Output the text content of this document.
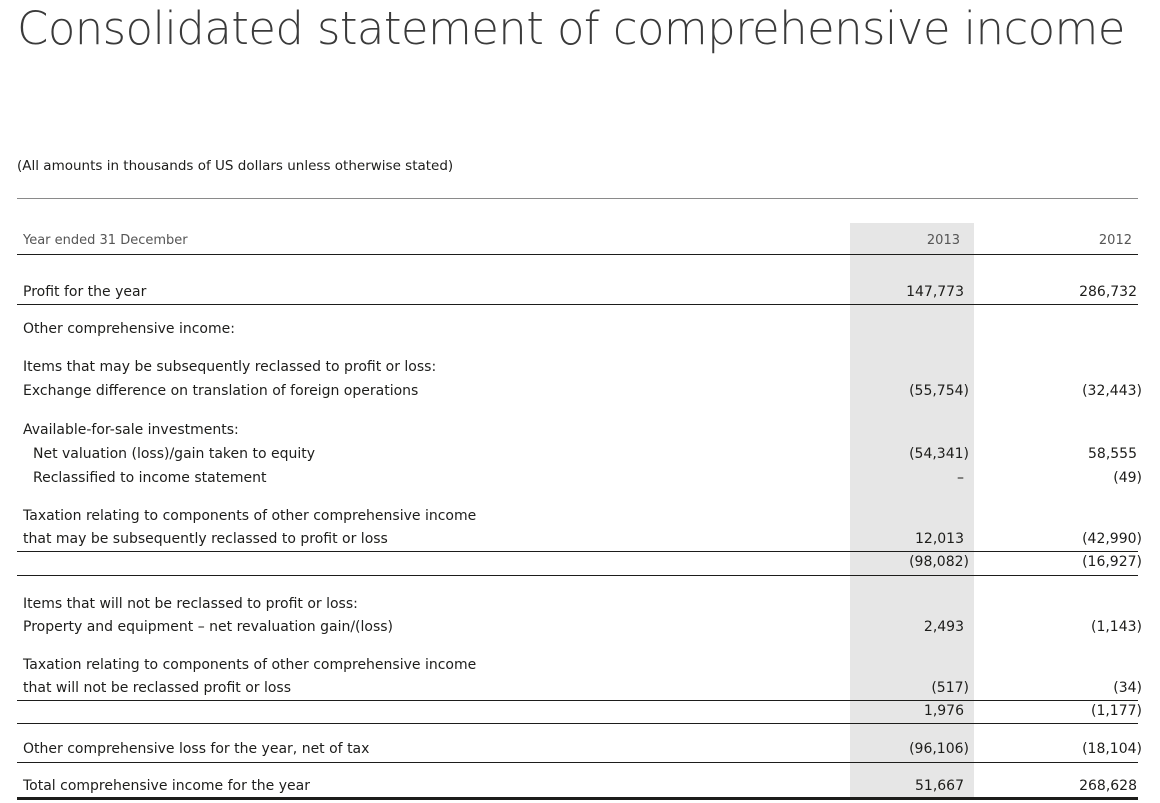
Consolidated statement of comprehensive income
(All amounts in thousands of US dollars unless otherwise stated)
Year ended 31 December	2013	2012
Profit for the year	147,773	286,732
Other comprehensive income:
Items that may be subsequently reclassed to profit or loss:
Exchange difference on translation of foreign operations	(55,754)	(32,443)
Available-for-sale investments:
Net valuation (loss)/gain taken to equity	(54,341)	58,555
Reclassified to income statement	–	(49)
Taxation relating to components of other comprehensive income
that may be subsequently reclassed to profit or loss	12,013	(42,990)
(98,082)	(16,927)
Items that will not be reclassed to profit or loss:
Property and equipment – net revaluation gain/(loss)	2,493	(1,143)
Taxation relating to components of other comprehensive income
that will not be reclassed profit or loss	(517)	(34)
1,976	(1,177)
Other comprehensive loss for the year, net of tax	(96,106)	(18,104)
Total comprehensive income for the year	51,667	268,628
